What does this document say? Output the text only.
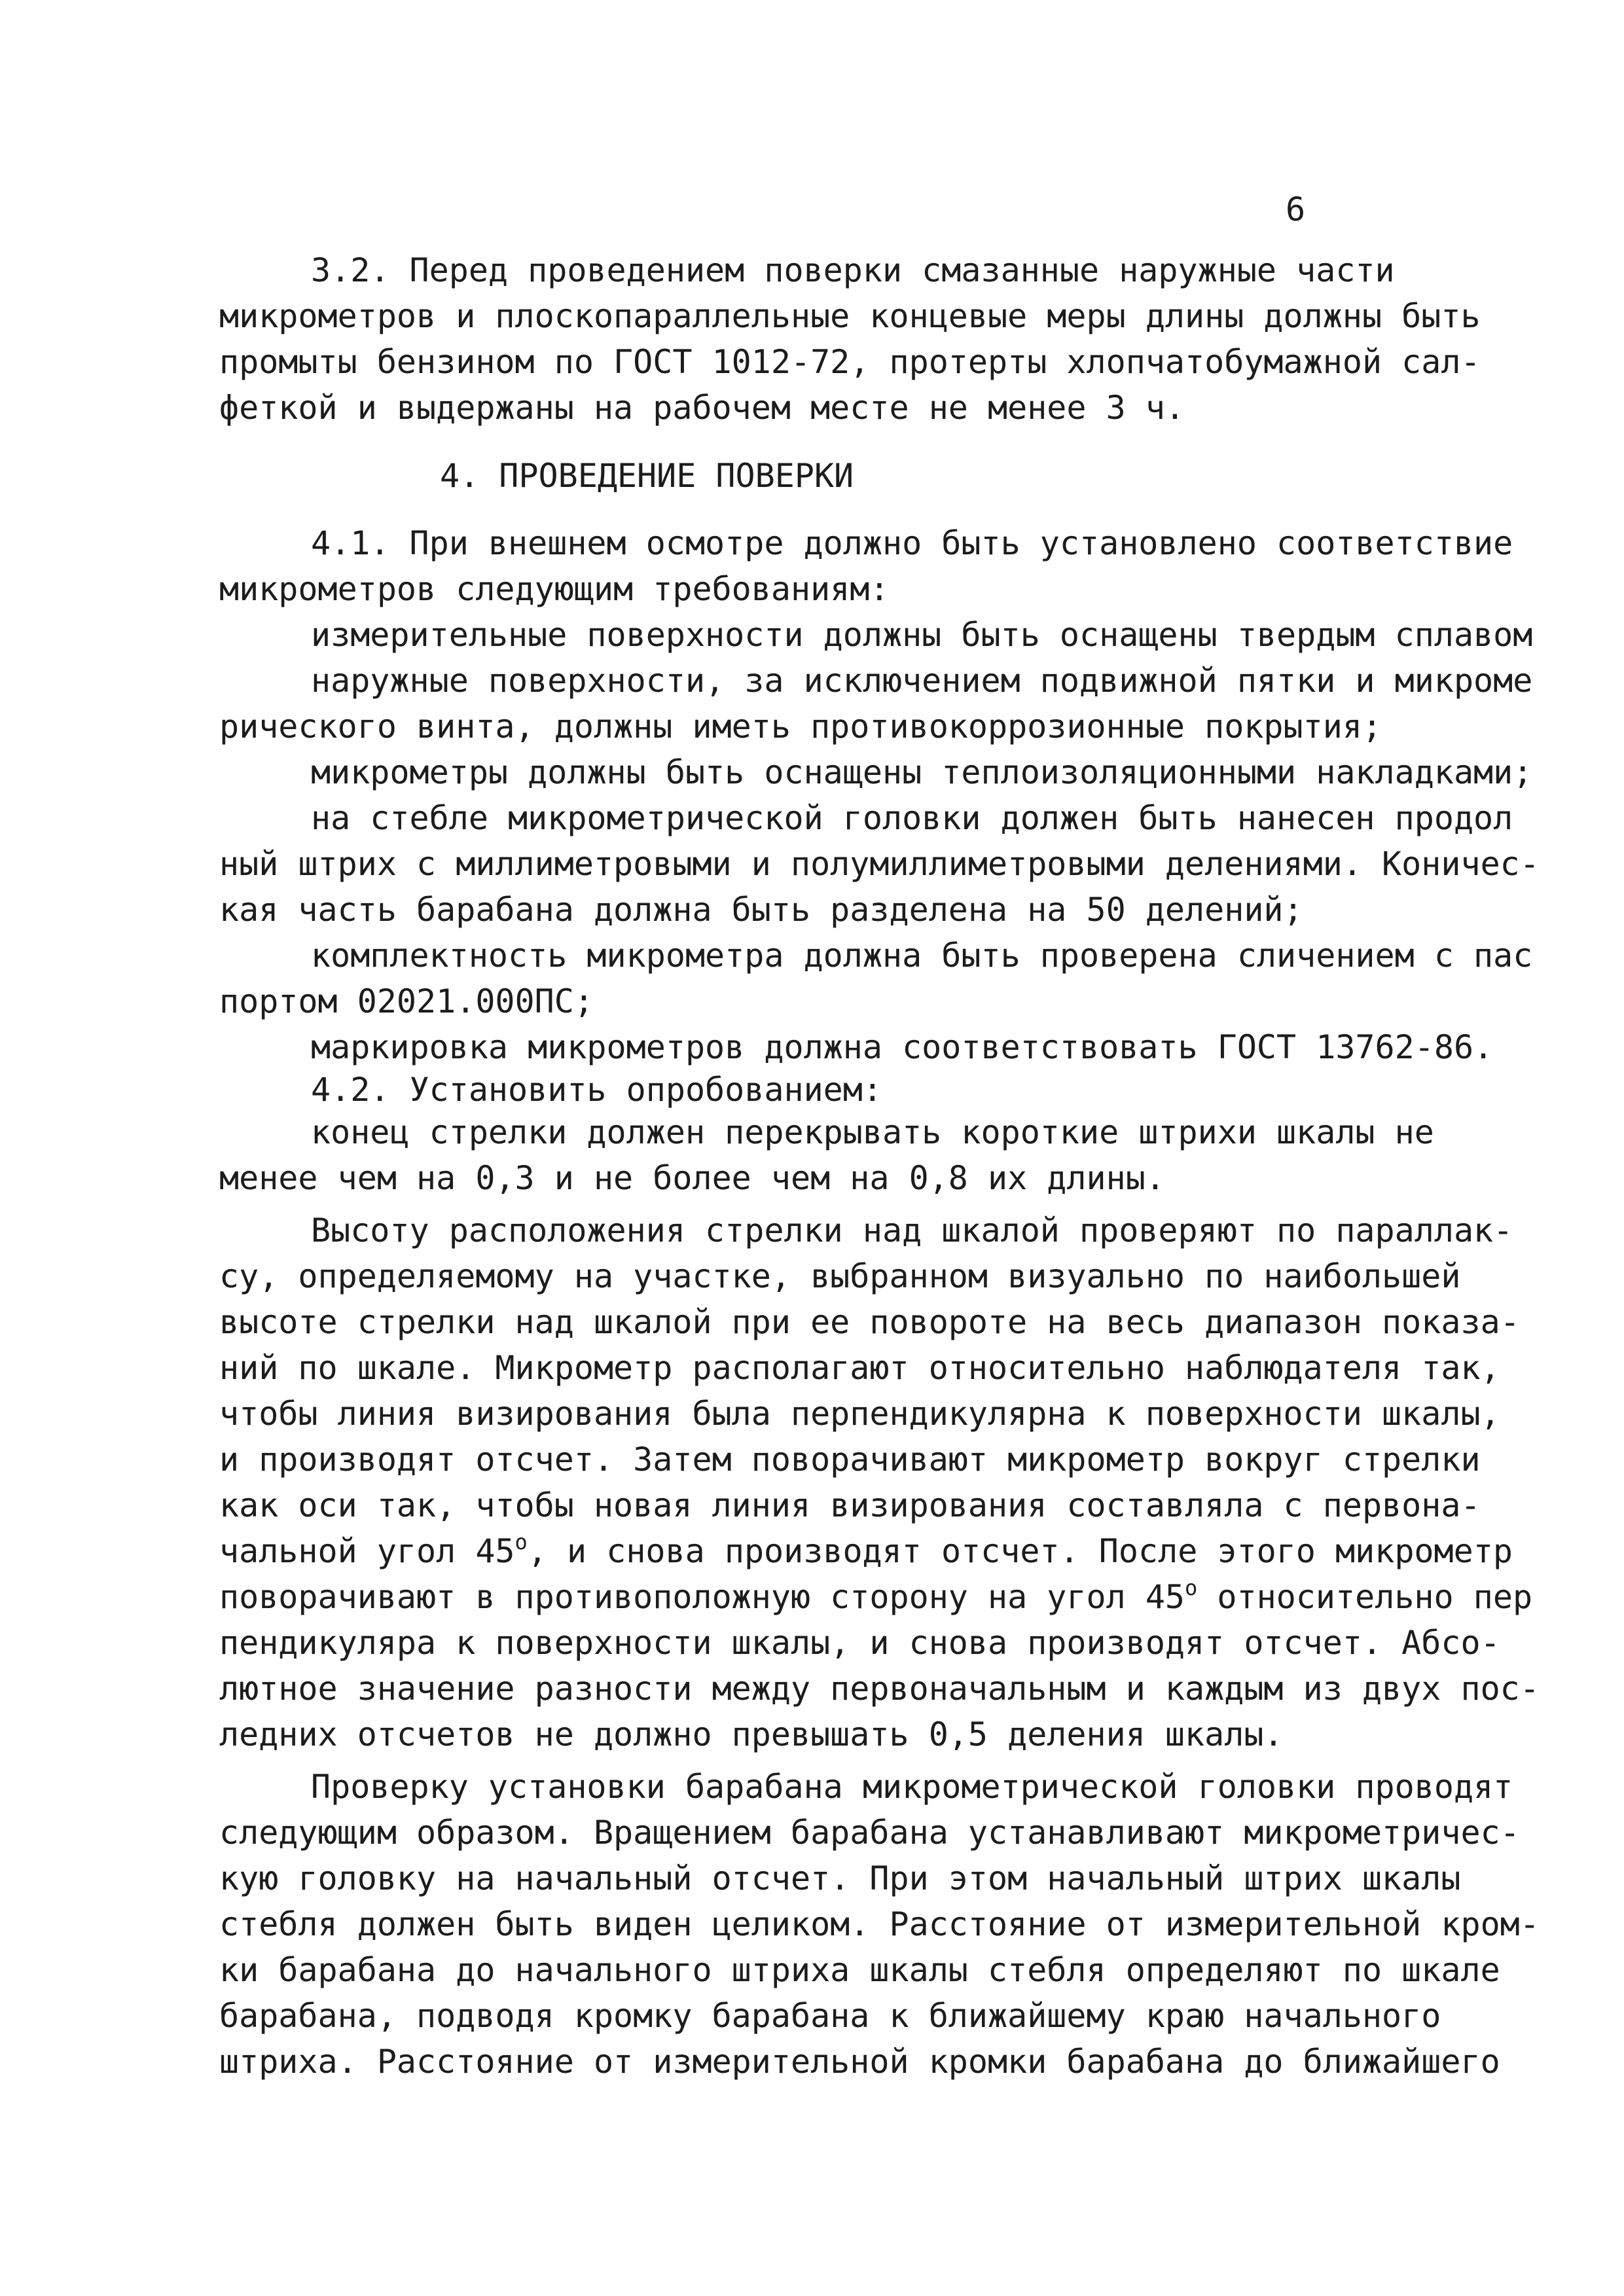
6
3.2. Перед проведением поверки смазанные наружные части
микрометров и плоскопараллельные концевые меры длины должны быть
промыты бензином по ГОСТ 1012-72, протерты хлопчатобумажной сал-
феткой и выдержаны на рабочем месте не менее 3 ч.
4. ПРОВЕДЕНИЕ ПОВЕРКИ
4.1. При внешнем осмотре должно быть установлено соответствие
микрометров следующим требованиям:
измерительные поверхности должны быть оснащены твердым сплавом
наружные поверхности, за исключением подвижной пятки и микроме
рического винта, должны иметь противокоррозионные покрытия;
микрометры должны быть оснащены теплоизоляционными накладками;
на стебле микрометрической головки должен быть нанесен продол
ный штрих с миллиметровыми и полумиллиметровыми делениями. Коничес-
кая часть барабана должна быть разделена на 50 делений;
комплектность микрометра должна быть проверена сличением с пас
портом 02021.000ПС;
маркировка микрометров должна соответствовать ГОСТ 13762-86.
4.2. Установить опробованием:
конец стрелки должен перекрывать короткие штрихи шкалы не
менее чем на 0,3 и не более чем на 0,8 их длины.
Высоту расположения стрелки над шкалой проверяют по параллак-
су, определяемому на участке, выбранном визуально по наибольшей
высоте стрелки над шкалой при ее повороте на весь диапазон показа-
ний по шкале. Микрометр располагают относительно наблюдателя так,
чтобы линия визирования была перпендикулярна к поверхности шкалы,
и производят отсчет. Затем поворачивают микрометр вокруг стрелки
как оси так, чтобы новая линия визирования составляла с первона-
чальной угол 45$^o$, и снова производят отсчет. После этого микрометр
поворачивают в противоположную сторону на угол 45$^o$ относительно пер
пендикуляра к поверхности шкалы, и снова производят отсчет. Абсо-
лютное значение разности между первоначальным и каждым из двух пос-
ледних отсчетов не должно превышать 0,5 деления шкалы.
Проверку установки барабана микрометрической головки проводят
следующим образом. Вращением барабана устанавливают микрометричес-
кую головку на начальный отсчет. При этом начальный штрих шкалы
стебля должен быть виден целиком. Расстояние от измерительной кром-
ки барабана до начального штриха шкалы стебля определяют по шкале
барабана, подводя кромку барабана к ближайшему краю начального
штриха. Расстояние от измерительной кромки барабана до ближайшего
